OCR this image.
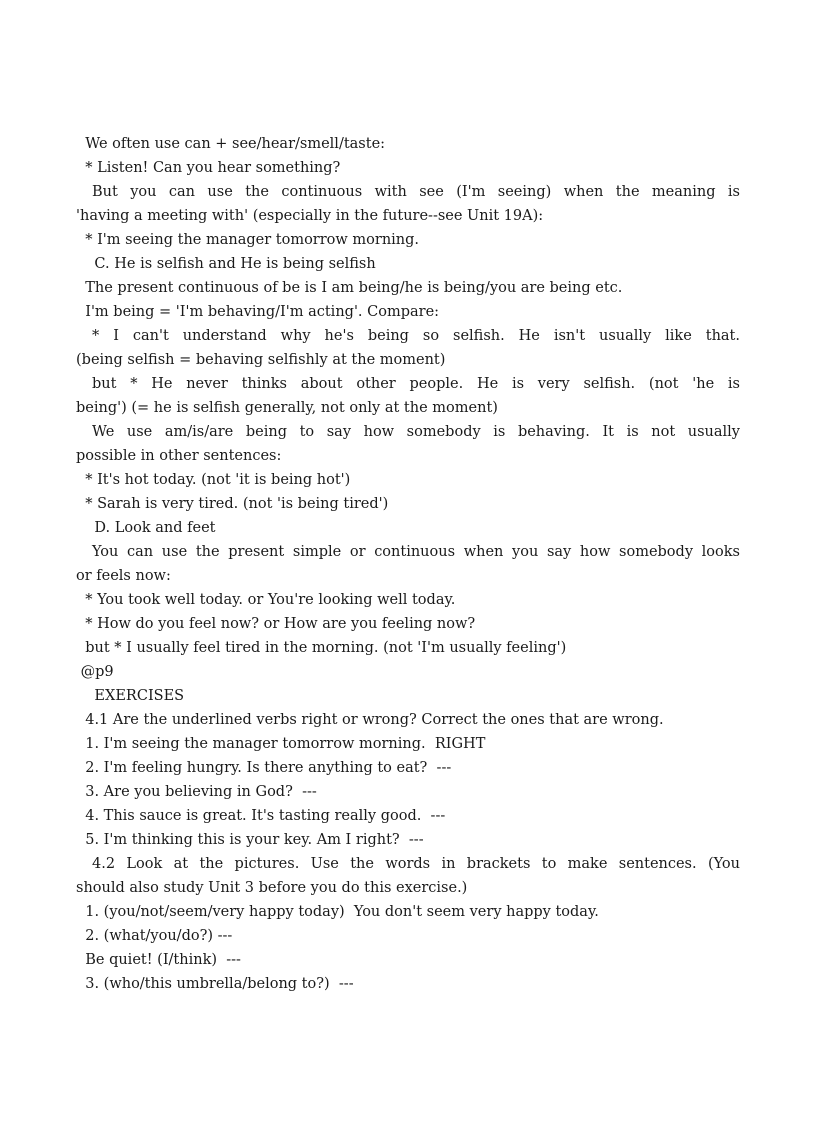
We often use can + see/hear/smell/taste:
* Listen! Can you hear something?
But you can use the continuous with see (I'm seeing) when the meaning is
'having a meeting with' (especially in the future--see Unit 19A):
* I'm seeing the manager tomorrow morning.
C. He is selfish and He is being selfish
The present continuous of be is I am being/he is being/you are being etc.
I'm being = 'I'm behaving/I'm acting'. Compare:
* I can't understand why he's being so selfish. He isn't usually like that.
(being selfish = behaving selfishly at the moment)
but * He never thinks about other people. He is very selfish. (not 'he is
being') (= he is selfish generally, not only at the moment)
We use am/is/are being to say how somebody is behaving. It is not usually
possible in other sentences:
* It's hot today. (not 'it is being hot')
* Sarah is very tired. (not 'is being tired')
D. Look and feet
You can use the present simple or continuous when you say how somebody looks
or feels now:
* You took well today. or You're looking well today.
* How do you feel now? or How are you feeling now?
but * I usually feel tired in the morning. (not 'I'm usually feeling')
@p9
EXERCISES
4.1 Are the underlined verbs right or wrong? Correct the ones that are wrong.
1. I'm seeing the manager tomorrow morning.  RIGHT
2. I'm feeling hungry. Is there anything to eat?  ---
3. Are you believing in God?  ---
4. This sauce is great. It's tasting really good.  ---
5. I'm thinking this is your key. Am I right?  ---
4.2 Look at the pictures. Use the words in brackets to make sentences. (You
should also study Unit 3 before you do this exercise.)
1. (you/not/seem/very happy today)  You don't seem very happy today.
2. (what/you/do?) ---
Be quiet! (I/think)  ---
3. (who/this umbrella/belong to?)  ---
